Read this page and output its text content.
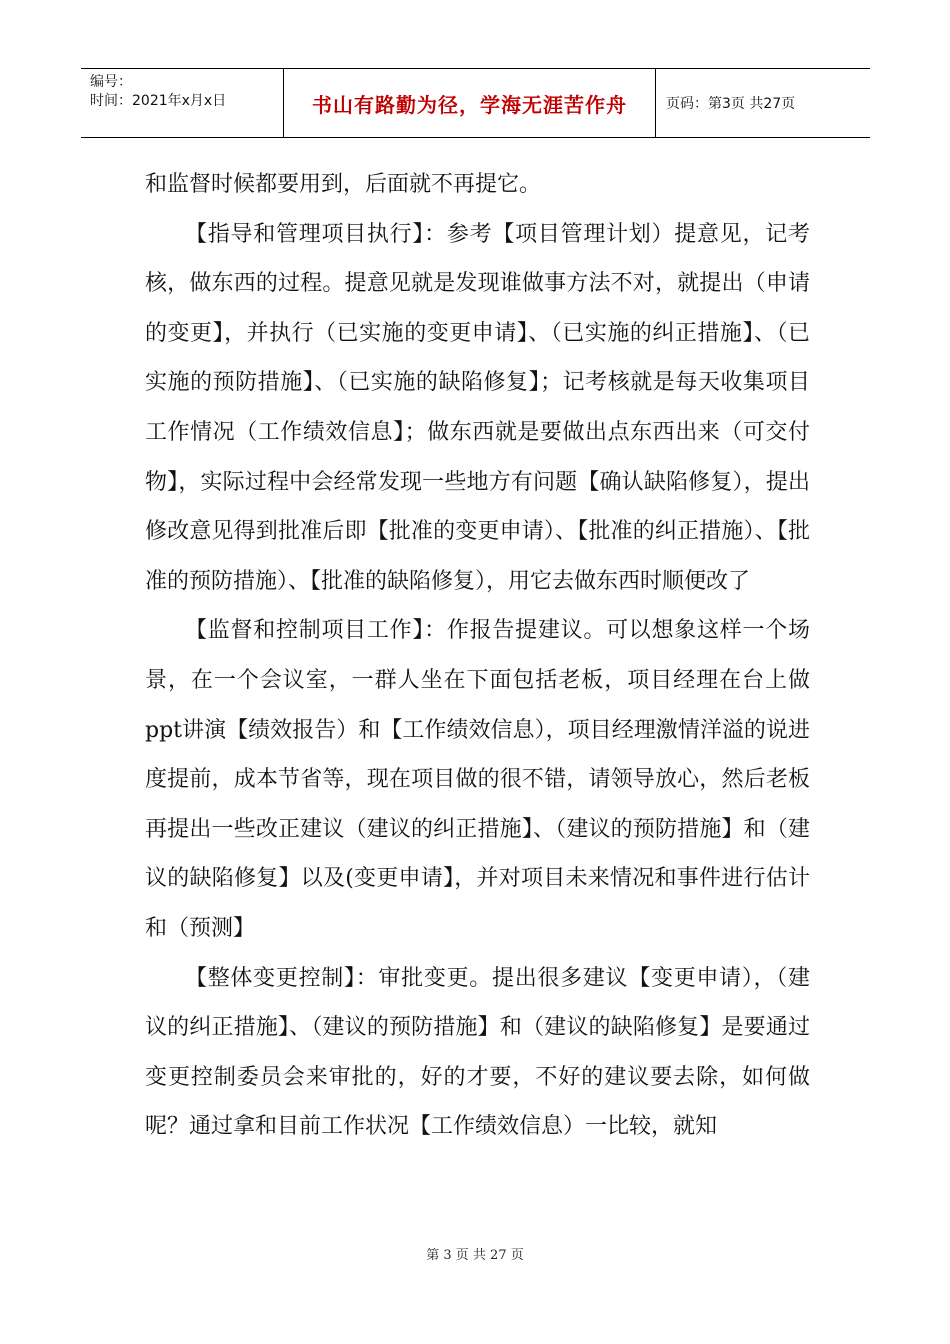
编号：
时间：2021年x月x日	书山有路勤为径，学海无涯苦作舟	页码：第3页 共27页

和监督时候都要用到，后面就不再提它。

【指导和管理项目执行】：参考【项目管理计划）提意见，记考核，做东西的过程。提意见就是发现谁做事方法不对，就提出（申请的变更】，并执行（已实施的变更申请】、（已实施的纠正措施】、（已实施的预防措施】、（已实施的缺陷修复】；记考核就是每天收集项目工作情况（工作绩效信息】；做东西就是要做出点东西出来（可交付物】，实际过程中会经常发现一些地方有问题【确认缺陷修复），提出修改意见得到批准后即【批准的变更申请）、【批准的纠正措施）、【批准的预防措施）、【批准的缺陷修复），用它去做东西时顺便改了

【监督和控制项目工作】：作报告提建议。可以想象这样一个场景，在一个会议室，一群人坐在下面包括老板，项目经理在台上做ppt讲演【绩效报告）和【工作绩效信息），项目经理激情洋溢的说进度提前，成本节省等，现在项目做的很不错，请领导放心，然后老板再提出一些改正建议（建议的纠正措施】、（建议的预防措施】和（建议的缺陷修复】以及(变更申请】，并对项目未来情况和事件进行估计和（预测】

【整体变更控制】：审批变更。提出很多建议【变更申请），（建议的纠正措施】、（建议的预防措施】和（建议的缺陷修复】是要通过变更控制委员会来审批的，好的才要，不好的建议要去除，如何做呢？通过拿和目前工作状况【工作绩效信息）一比较，就知

第 3 页 共 27 页
